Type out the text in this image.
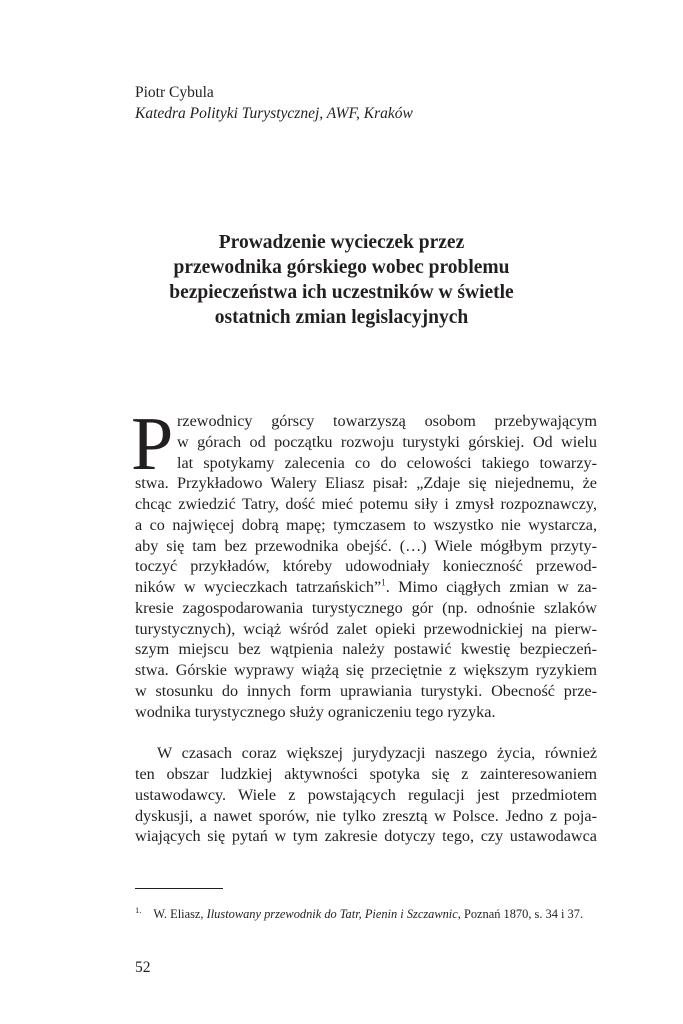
Piotr Cybula
Katedra Polityki Turystycznej, AWF, Kraków
Prowadzenie wycieczek przez
przewodnika górskiego wobec problemu
bezpieczeństwa ich uczestników w świetle
ostatnich zmian legislacyjnych
P rzewodnicy górscy towarzyszą osobom przebywającym
w górach od początku rozwoju turystyki górskiej. Od wielu
lat spotykamy zalecenia co do celowości takiego towarzy-
stwa. Przykładowo Walery Eliasz pisał: „Zdaje się niejednemu, że
chcąc zwiedzić Tatry, dość mieć potemu siły i zmysł rozpoznawczy,
a co najwięcej dobrą mapę; tymczasem to wszystko nie wystarcza,
aby się tam bez przewodnika obejść. (…) Wiele mógłbym przyty-
toczyć przykładów, którebу udowodniały konieczność przewod-
ników w wycieczkach tatrzańskich”$^1$. Mimo ciągłych zmian w za-
kresie zagospodarowania turystycznego gór (np. odnośnie szlaków
turystycznych), wciąż wśród zalet opieki przewodnickiej na pierw-
szym miejscu bez wątpienia należy postawić kwestię bezpieczeń-
stwa. Górskie wyprawy wiążą się przeciętnie z większym ryzykiem
w stosunku do innych form uprawiania turystyki. Obecność prze-
wodnika turystycznego służy ograniczeniu tego ryzyka.
W czasach coraz większej jurydyzacji naszego życia, również
ten obszar ludzkiej aktywności spotyka się z zainteresowaniem
ustawodawcy. Wiele z powstających regulacji jest przedmiotem
dyskusji, a nawet sporów, nie tylko zresztą w Polsce. Jedno z poja-
wiających się pytań w tym zakresie dotyczy tego, czy ustawodawca
$^{1.}$ W. Eliasz, Ilustowany przewodnik do Tatr, Pienin i Szczawnic, Poznań 1870, s. 34 i 37.
52
